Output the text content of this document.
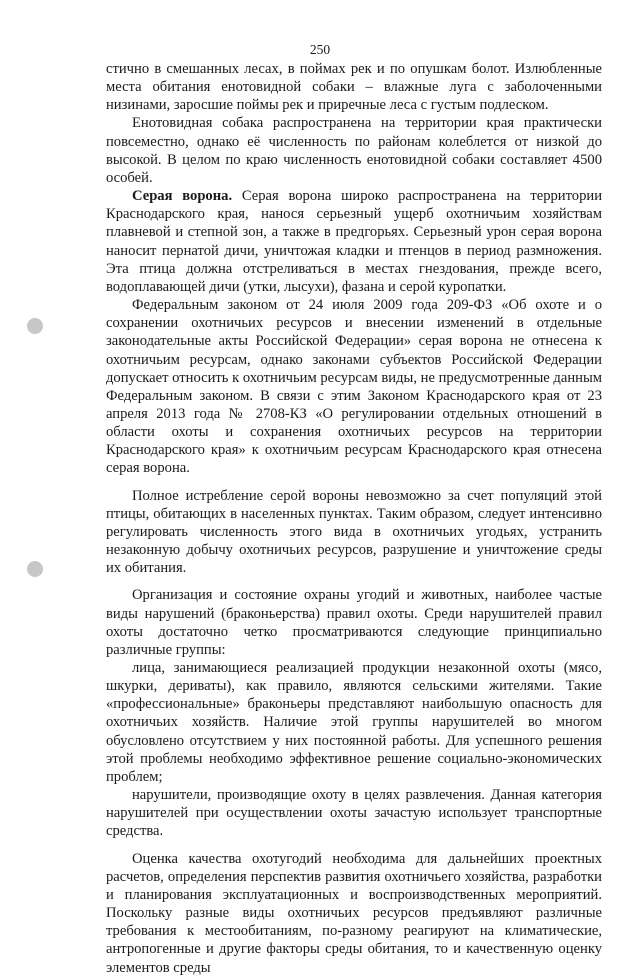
250

стично в смешанных лесах, в поймах рек и по опушкам болот. Излюбленные места обитания енотовидной собаки – влажные луга с заболоченными низинами, заросшие поймы рек и приречные леса с густым подлеском.

Енотовидная собака распространена на территории края практически повсеместно, однако её численность по районам колеблется от низкой до высокой. В целом по краю численность енотовидной собаки составляет 4500 особей.

Серая ворона. Серая ворона широко распространена на территории Краснодарского края, нанося серьезный ущерб охотничьим хозяйствам плавневой и степной зон, а также в предгорьях. Серьезный урон серая ворона наносит пернатой дичи, уничтожая кладки и птенцов в период размножения. Эта птица должна отстреливаться в местах гнездования, прежде всего, водоплавающей дичи (утки, лысухи), фазана и серой куропатки.

Федеральным законом от 24 июля 2009 года 209-ФЗ «Об охоте и о сохранении охотничьих ресурсов и внесении изменений в отдельные законодательные акты Российской Федерации» серая ворона не отнесена к охотничьим ресурсам, однако законами субъектов Российской Федерации допускает относить к охотничьим ресурсам виды, не предусмотренные данным Федеральным законом. В связи с этим Законом Краснодарского края от 23 апреля 2013 года № 2708-КЗ «О регулировании отдельных отношений в области охоты и сохранения охотничьих ресурсов на территории Краснодарского края» к охотничьим ресурсам Краснодарского края отнесена серая ворона.

Полное истребление серой вороны невозможно за счет популяций этой птицы, обитающих в населенных пунктах. Таким образом, следует интенсивно регулировать численность этого вида в охотничьих угодьях, устранить незаконную добычу охотничьих ресурсов, разрушение и уничтожение среды их обитания.

Организация и состояние охраны угодий и животных, наиболее частые виды нарушений (браконьерства) правил охоты. Среди нарушителей правил охоты достаточно четко просматриваются следующие принципиально различные группы:

лица, занимающиеся реализацией продукции незаконной охоты (мясо, шкурки, дериваты), как правило, являются сельскими жителями. Такие «профессиональные» браконьеры представляют наибольшую опасность для охотничьих хозяйств. Наличие этой группы нарушителей во многом обусловлено отсутствием у них постоянной работы. Для успешного решения этой проблемы необходимо эффективное решение социально-экономических проблем;

нарушители, производящие охоту в целях развлечения. Данная категория нарушителей при осуществлении охоты зачастую использует транспортные средства.

Оценка качества охотугодий необходима для дальнейших проектных расчетов, определения перспектив развития охотничьего хозяйства, разработки и планирования эксплуатационных и воспроизводственных мероприятий. Поскольку разные виды охотничьих ресурсов предъявляют различные требования к местообитаниям, по-разному реагируют на климатические, антропогенные и другие факторы среды обитания, то и качественную оценку элементов среды
